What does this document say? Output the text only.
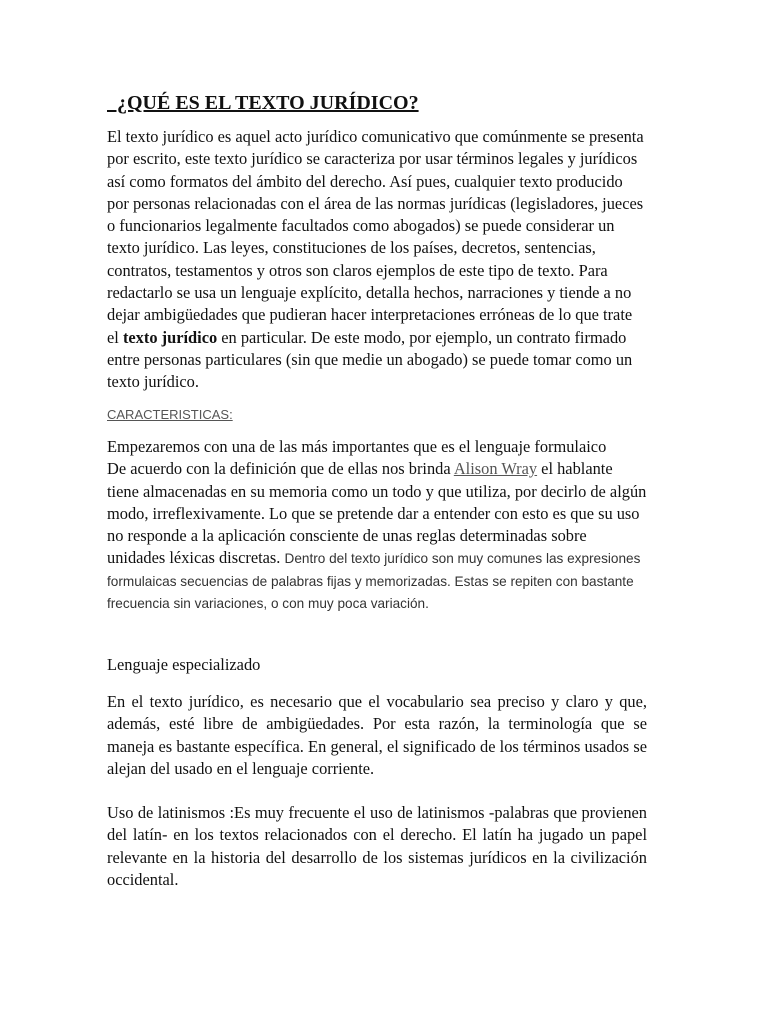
¿QUÉ ES EL TEXTO JURÍDICO?

El texto jurídico es aquel acto jurídico comunicativo que comúnmente se presenta por escrito, este texto jurídico se caracteriza por usar términos legales y jurídicos así como formatos del ámbito del derecho. Así pues, cualquier texto producido por personas relacionadas con el área de las normas jurídicas (legisladores, jueces o funcionarios legalmente facultados como abogados) se puede considerar un texto jurídico. Las leyes, constituciones de los países, decretos, sentencias, contratos, testamentos y otros son claros ejemplos de este tipo de texto. Para redactarlo se usa un lenguaje explícito, detalla hechos, narraciones y tiende a no dejar ambigüedades que pudieran hacer interpretaciones erróneas de lo que trate el texto jurídico en particular. De este modo, por ejemplo, un contrato firmado entre personas particulares (sin que medie un abogado) se puede tomar como un texto jurídico.

CARACTERISTICAS:

Empezaremos con una de las más importantes que es el lenguaje formulaico
De acuerdo con la definición que de ellas nos brinda Alison Wray el hablante tiene almacenadas en su memoria como un todo y que utiliza, por decirlo de algún modo, irreflexivamente. Lo que se pretende dar a entender con esto es que su uso no responde a la aplicación consciente de unas reglas determinadas sobre unidades léxicas discretas. Dentro del texto jurídico son muy comunes las expresiones formulaicas secuencias de palabras fijas y memorizadas. Estas se repiten con bastante frecuencia sin variaciones, o con muy poca variación.

Lenguaje especializado

En el texto jurídico, es necesario que el vocabulario sea preciso y claro y que, además, esté libre de ambigüedades. Por esta razón, la terminología que se maneja es bastante específica. En general, el significado de los términos usados se alejan del usado en el lenguaje corriente.

Uso de latinismos :Es muy frecuente el uso de latinismos -palabras que provienen del latín- en los textos relacionados con el derecho. El latín ha jugado un papel relevante en la historia del desarrollo de los sistemas jurídicos en la civilización occidental.
